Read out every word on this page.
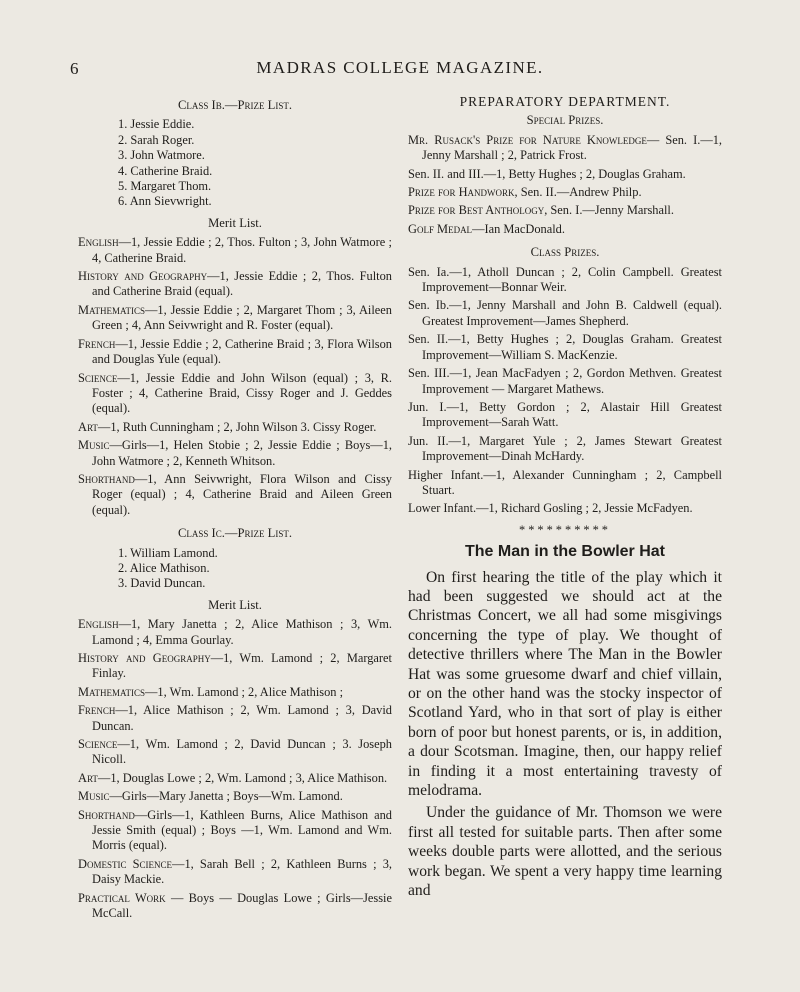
6	MADRAS COLLEGE MAGAZINE.
Class Ib.—Prize List.
1. Jessie Eddie.
2. Sarah Roger.
3. John Watmore.
4. Catherine Braid.
5. Margaret Thom.
6. Ann Sievwright.
Merit List.

English—1, Jessie Eddie ; 2, Thos. Fulton ; 3, John Watmore ; 4, Catherine Braid.

History and Geography—1, Jessie Eddie ; 2, Thos. Fulton and Catherine Braid (equal).

Mathematics—1, Jessie Eddie ; 2, Margaret Thom ; 3, Aileen Green ; 4, Ann Seivwright and R. Foster (equal).

French—1, Jessie Eddie ; 2, Catherine Braid ; 3, Flora Wilson and Douglas Yule (equal).

Science—1, Jessie Eddie and John Wilson (equal) ; 3, R. Foster ; 4, Catherine Braid, Cissy Roger and J. Geddes (equal).

Art—1, Ruth Cunningham ; 2, John Wilson 3. Cissy Roger.

Music—Girls—1, Helen Stobie ; 2, Jessie Eddie ; Boys—1, John Watmore ; 2, Kenneth Whitson.

Shorthand—1, Ann Seivwright, Flora Wilson and Cissy Roger (equal) ; 4, Catherine Braid and Aileen Green (equal).

Class Ic.—Prize List.
1. William Lamond.
2. Alice Mathison.
3. David Duncan.
Merit List.

English—1, Mary Janetta ; 2, Alice Mathison ; 3, Wm. Lamond ; 4, Emma Gourlay.

History and Geography—1, Wm. Lamond ; 2, Margaret Finlay.

Mathematics—1, Wm. Lamond ; 2, Alice Mathison ;

French—1, Alice Mathison ; 2, Wm. Lamond ; 3, David Duncan.

Science—1, Wm. Lamond ; 2, David Duncan ; 3. Joseph Nicoll.

Art—1, Douglas Lowe ; 2, Wm. Lamond ; 3, Alice Mathison.

Music—Girls—Mary Janetta ; Boys—Wm. Lamond.

Shorthand—Girls—1, Kathleen Burns, Alice Mathison and Jessie Smith (equal) ; Boys —1, Wm. Lamond and Wm. Morris (equal).

Domestic Science—1, Sarah Bell ; 2, Kathleen Burns ; 3, Daisy Mackie.

Practical Work — Boys — Douglas Lowe ; Girls—Jessie McCall.

PREPARATORY DEPARTMENT.
Special Prizes.

Mr. Rusack's Prize for Nature Knowledge— Sen. I.—1, Jenny Marshall ; 2, Patrick Frost.

Sen. II. and III.—1, Betty Hughes ; 2, Douglas Graham.

Prize for Handwork, Sen. II.—Andrew Philp.

Prize for Best Anthology, Sen. I.—Jenny Marshall.

Golf Medal—Ian MacDonald.

Class Prizes.

Sen. Ia.—1, Atholl Duncan ; 2, Colin Campbell. Greatest Improvement—Bonnar Weir.

Sen. Ib.—1, Jenny Marshall and John B. Caldwell (equal). Greatest Improvement—James Shepherd.

Sen. II.—1, Betty Hughes ; 2, Douglas Graham. Greatest Improvement—William S. MacKenzie.

Sen. III.—1, Jean MacFadyen ; 2, Gordon Methven. Greatest Improvement — Margaret Mathews.

Jun. I.—1, Betty Gordon ; 2, Alastair Hill Greatest Improvement—Sarah Watt.

Jun. II.—1, Margaret Yule ; 2, James Stewart Greatest Improvement—Dinah McHardy.

Higher Infant.—1, Alexander Cunningham ; 2, Campbell Stuart.

Lower Infant.—1, Richard Gosling ; 2, Jessie McFadyen.

**********
The Man in the Bowler Hat

On first hearing the title of the play which it had been suggested we should act at the Christmas Concert, we all had some misgivings concerning the type of play. We thought of detective thrillers where The Man in the Bowler Hat was some gruesome dwarf and chief villain, or on the other hand was the stocky inspector of Scotland Yard, who in that sort of play is either born of poor but honest parents, or is, in addition, a dour Scotsman. Imagine, then, our happy relief in finding it a most entertaining travesty of melodrama.

Under the guidance of Mr. Thomson we were first all tested for suitable parts. Then after some weeks double parts were allotted, and the serious work began. We spent a very happy time learning and
